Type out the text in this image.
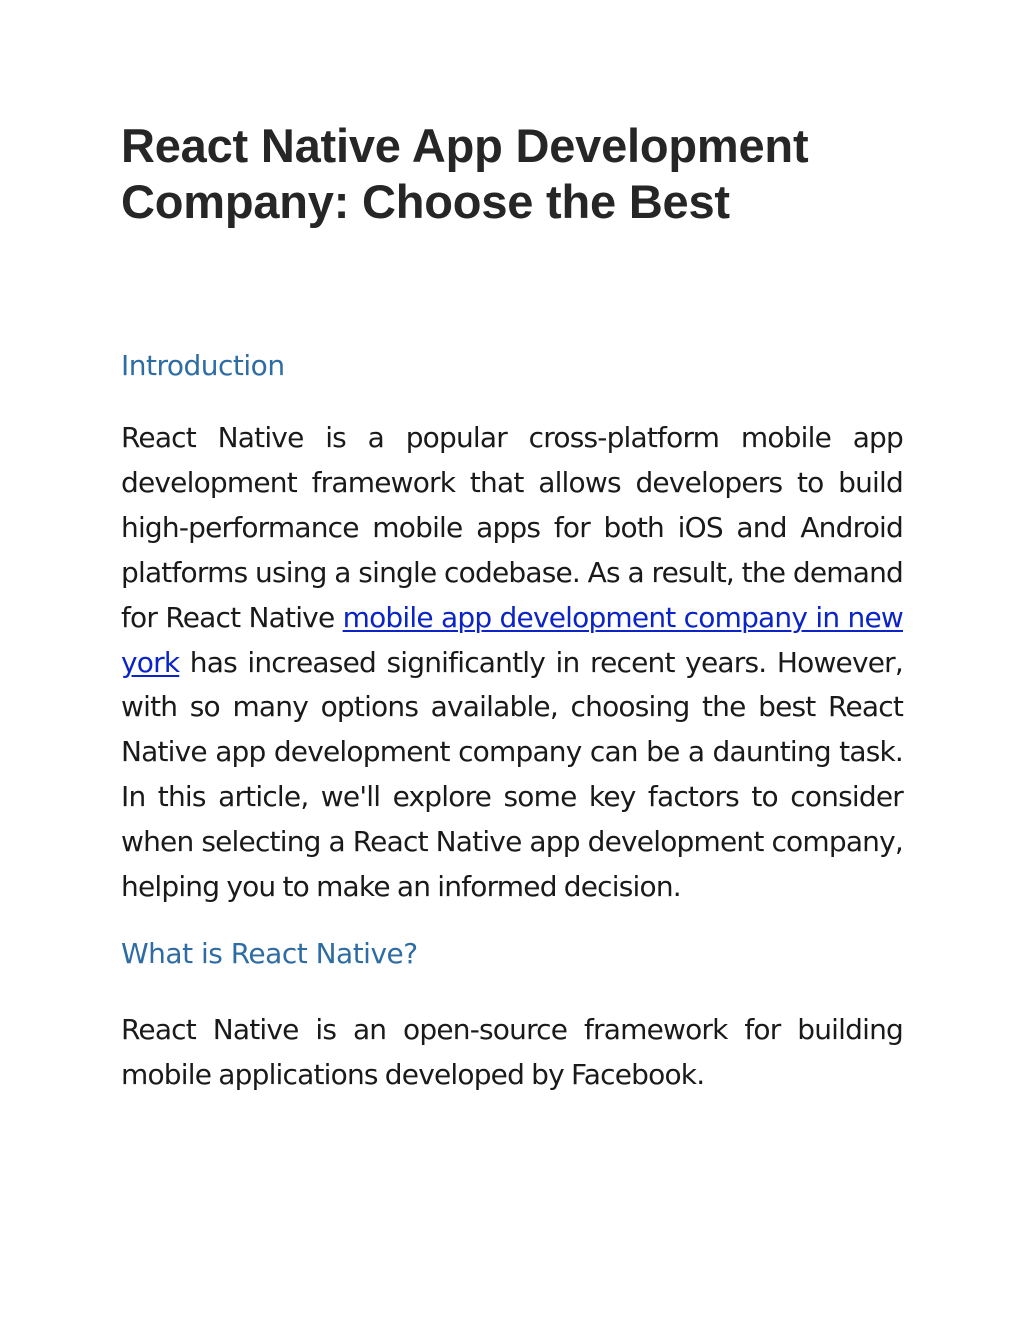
React Native App Development Company: Choose the Best
Introduction

React Native is a popular cross-platform mobile app development framework that allows developers to build high-performance mobile apps for both iOS and Android platforms using a single codebase. As a result, the demand for React Native mobile app development company in new york has increased significantly in recent years. However, with so many options available, choosing the best React Native app development company can be a daunting task. In this article, we'll explore some key factors to consider when selecting a React Native app development company, helping you to make an informed decision.

What is React Native?

React Native is an open-source framework for building mobile applications developed by Facebook.
